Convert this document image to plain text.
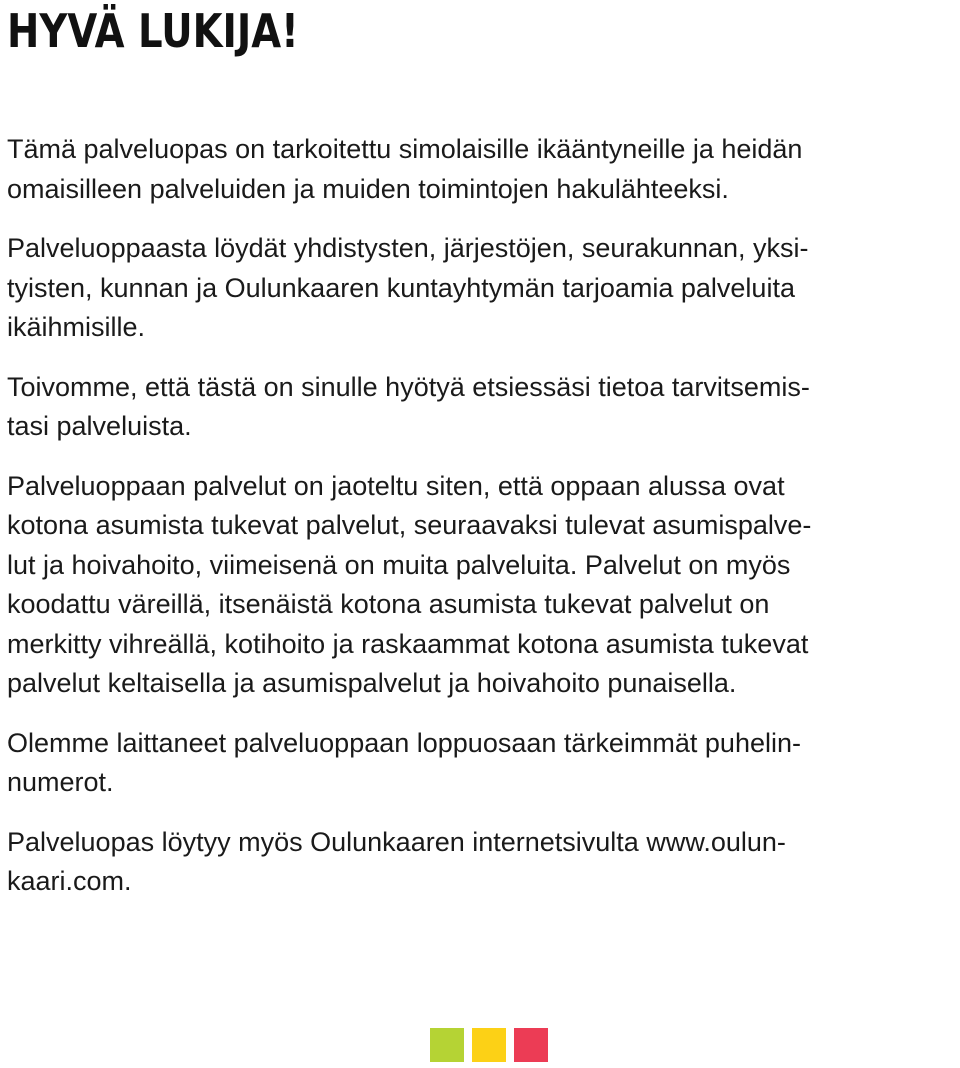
HYVÄ LUKIJA!

Tämä palveluopas on tarkoitettu simolaisille ikääntyneille ja heidän
omaisilleen palveluiden ja muiden toimintojen hakulähteeksi.

Palveluoppaasta löydät yhdistysten, järjestöjen, seurakunnan, yksi-
tyisten, kunnan ja Oulunkaaren kuntayhtymän tarjoamia palveluita
ikäihmisille.

Toivomme, että tästä on sinulle hyötyä etsiessäsi tietoa tarvitsemis-
tasi palveluista.

Palveluoppaan palvelut on jaoteltu siten, että oppaan alussa ovat
kotona asumista tukevat palvelut, seuraavaksi tulevat asumispalve-
lut ja hoivahoito, viimeisenä on muita palveluita. Palvelut on myös
koodattu väreillä, itsenäistä kotona asumista tukevat palvelut on
merkitty vihreällä, kotihoito ja raskaammat kotona asumista tukevat
palvelut keltaisella ja asumispalvelut ja hoivahoito punaisella.

Olemme laittaneet palveluoppaan loppuosaan tärkeimmät puhelin-
numerot.

Palveluopas löytyy myös Oulunkaaren internetsivulta www.oulun-
kaari.com.
